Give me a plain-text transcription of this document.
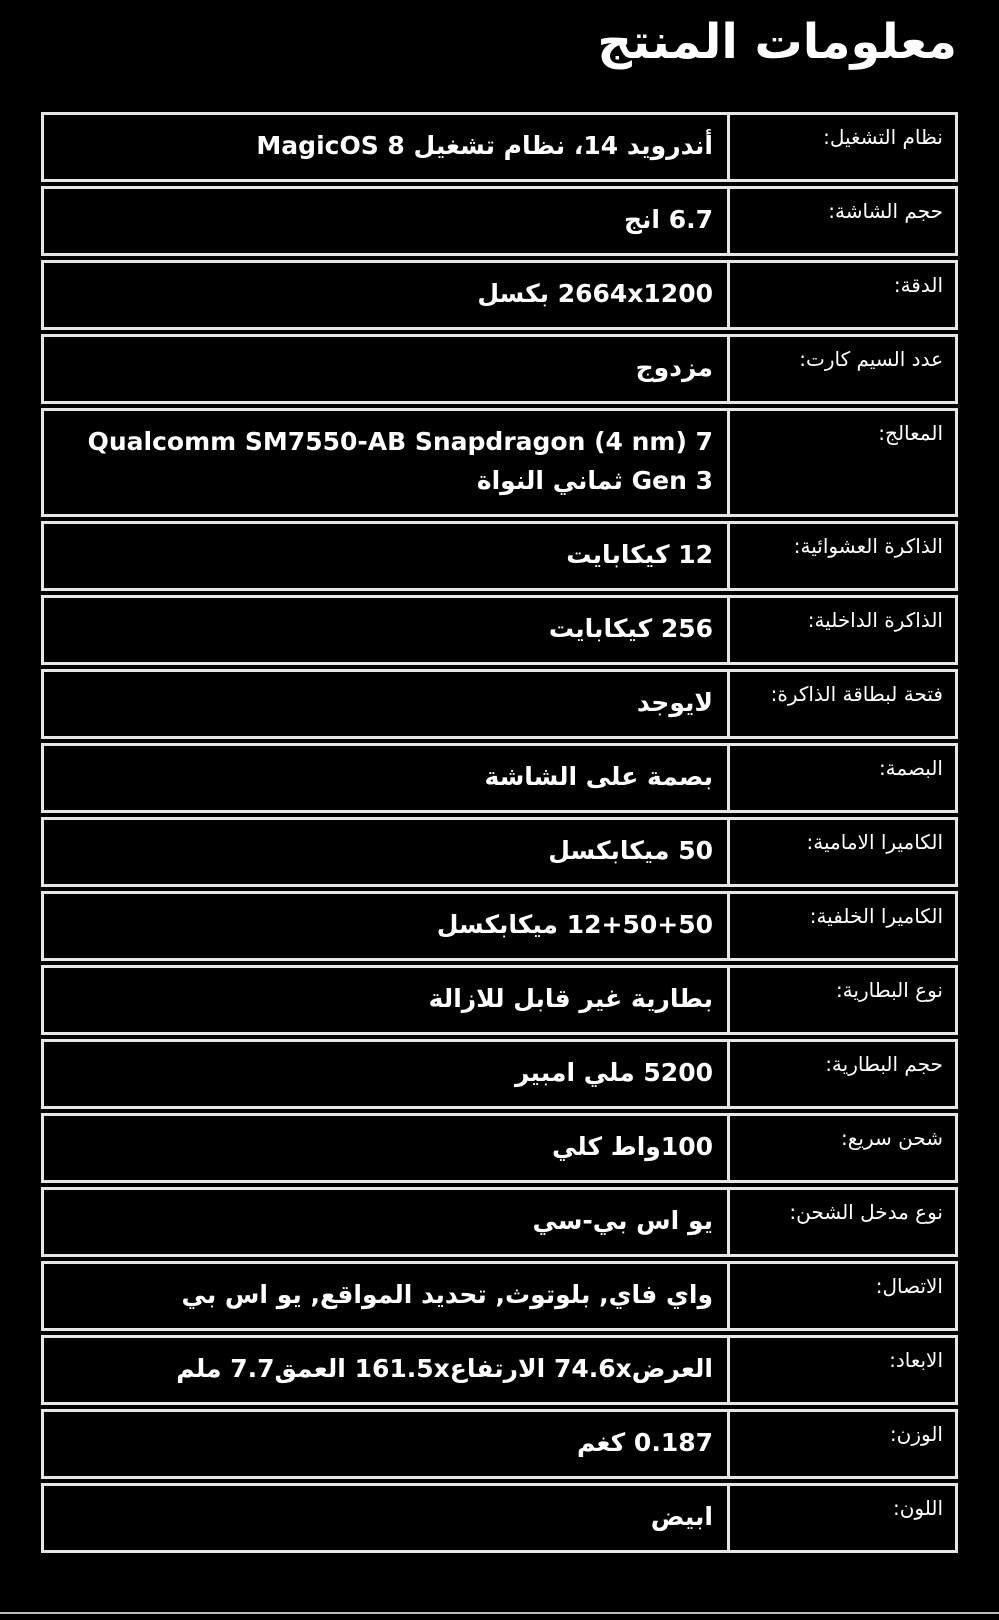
معلومات المنتج
نظام التشغيل:	أندرويد 14، نظام تشغيل MagicOS 8
حجم الشاشة:	6.7 انج
الدقة:	2664x1200 بكسل
عدد السيم كارت:	مزدوج
المعالج:	Qualcomm SM7550-AB Snapdragon (4 nm) 7 Gen 3 ثماني النواة
الذاكرة العشوائية:	12 كيكابايت
الذاكرة الداخلية:	256 كيكابايت
فتحة لبطاقة الذاكرة:	لايوجد
البصمة:	بصمة على الشاشة
الكاميرا الامامية:	50 ميكابكسل
الكاميرا الخلفية:	12+50+50 ميكابكسل
نوع البطارية:	بطارية غير قابل للازالة
حجم البطارية:	5200 ملي امبير
شحن سريع:	100واط كلي
نوع مدخل الشحن:	يو اس بي-سي
الاتصال:	واي فاي, بلوتوث, تحديد المواقع, يو اس بي
الابعاد:	العرض74.6x الارتفاع161.5x العمق7.7 ملم
الوزن:	0.187 كغم
اللون:	ابيض
